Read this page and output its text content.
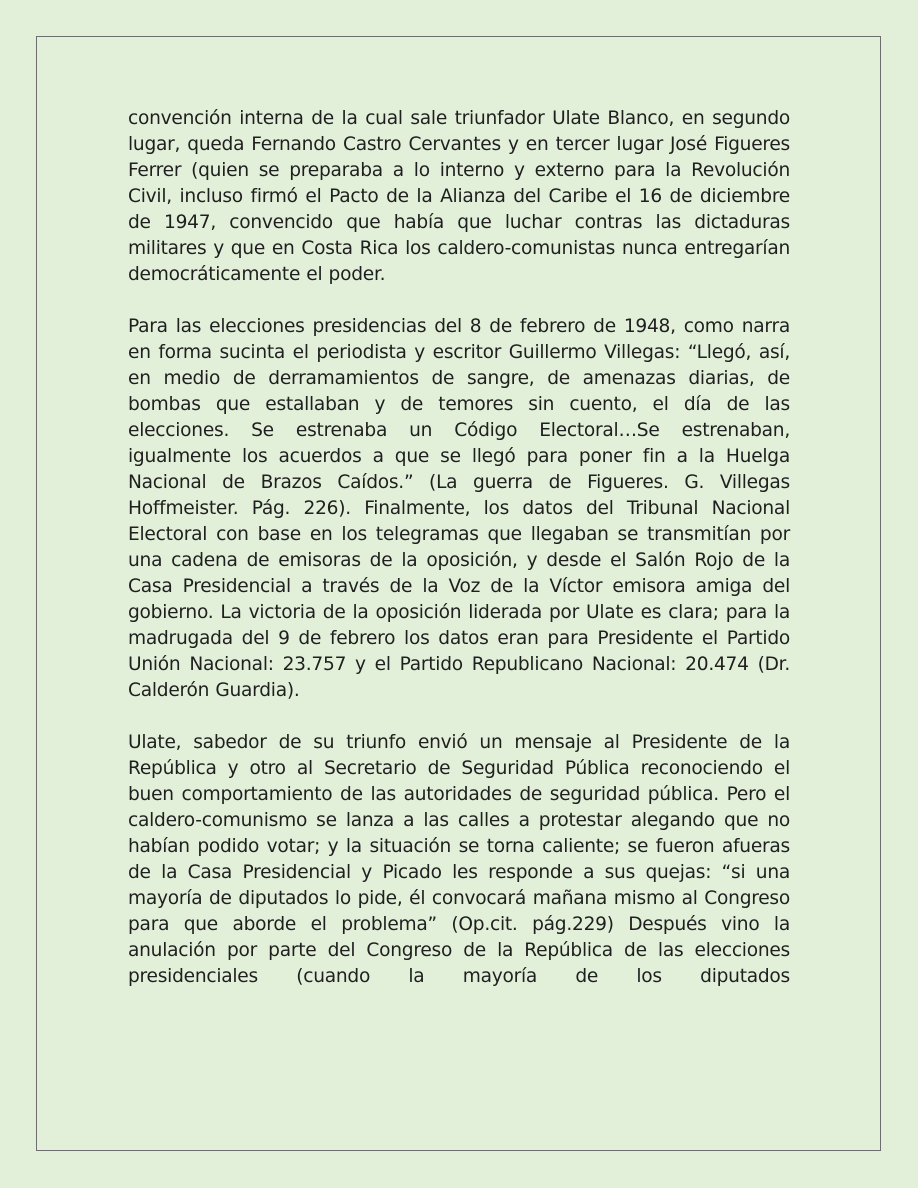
convención interna de la cual sale triunfador Ulate Blanco, en segundo lugar, queda Fernando Castro Cervantes y en tercer lugar José Figueres Ferrer (quien se preparaba a lo interno y externo para la Revolución Civil, incluso firmó el Pacto de la Alianza del Caribe el 16 de diciembre de 1947, convencido que había que luchar contras las dictaduras militares y que en Costa Rica los caldero-comunistas nunca entregarían democráticamente el poder.

Para las elecciones presidencias del 8 de febrero de 1948, como narra en forma sucinta el periodista y escritor Guillermo Villegas: “Llegó, así, en medio de derramamientos de sangre, de amenazas diarias, de bombas que estallaban y de temores sin cuento, el día de las elecciones. Se estrenaba un Código Electoral…Se estrenaban, igualmente los acuerdos a que se llegó para poner fin a la Huelga Nacional de Brazos Caídos.” (La guerra de Figueres. G. Villegas Hoffmeister. Pág. 226). Finalmente, los datos del Tribunal Nacional Electoral con base en los telegramas que llegaban se transmitían por una cadena de emisoras de la oposición, y desde el Salón Rojo de la Casa Presidencial a través de la Voz de la Víctor emisora amiga del gobierno. La victoria de la oposición liderada por Ulate es clara; para la madrugada del 9 de febrero los datos eran para Presidente el Partido Unión Nacional: 23.757 y el Partido Republicano Nacional: 20.474 (Dr. Calderón Guardia).

Ulate, sabedor de su triunfo envió un mensaje al Presidente de la República y otro al Secretario de Seguridad Pública reconociendo el buen comportamiento de las autoridades de seguridad pública. Pero el caldero-comunismo se lanza a las calles a protestar alegando que no habían podido votar; y la situación se torna caliente; se fueron afueras de la Casa Presidencial y Picado les responde a sus quejas: “si una mayoría de diputados lo pide, él convocará mañana mismo al Congreso para que aborde el problema” (Op.cit. pág.229) Después vino la anulación por parte del Congreso de la República de las elecciones presidenciales (cuando la mayoría de los diputados
